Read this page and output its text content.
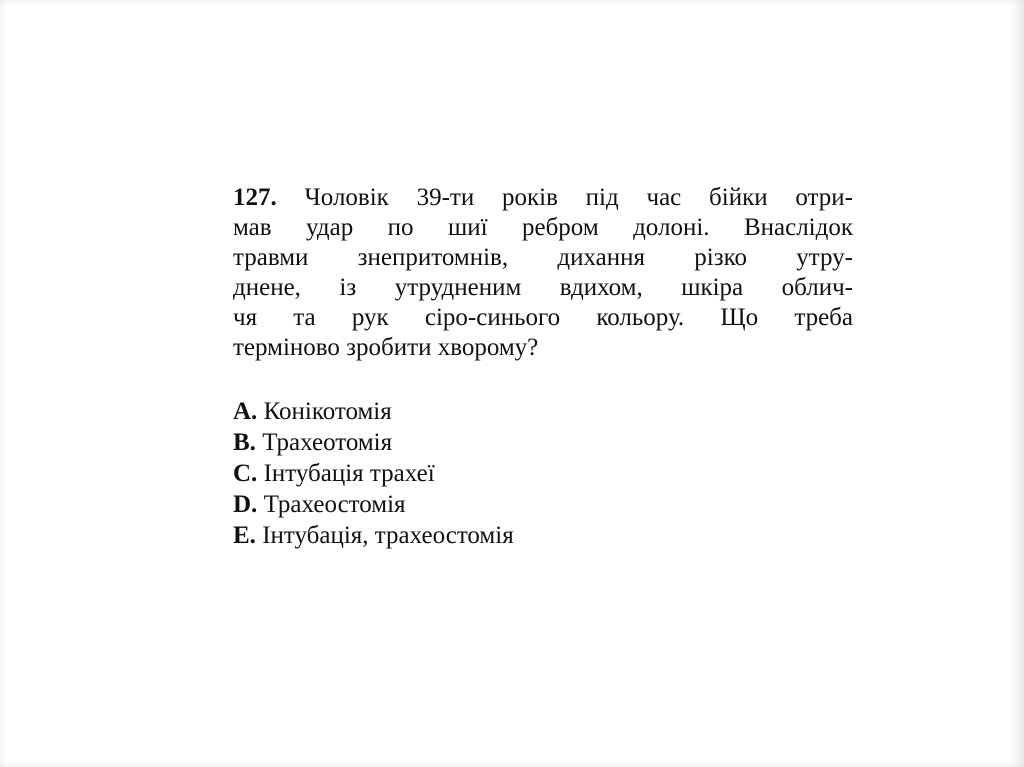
127. Чоловік 39-ти років під час бійки отри-
мав удар по шиї ребром долоні. Внаслідок
травми знепритомнів, дихання різко утру-
днене, із утрудненим вдихом, шкіра облич-
чя та рук сіро-синього кольору. Що треба
терміново зробити хворому?
A. Конікотомія
B. Трахеотомія
C. Інтубація трахеї
D. Трахеостомія
E. Інтубація, трахеостомія
